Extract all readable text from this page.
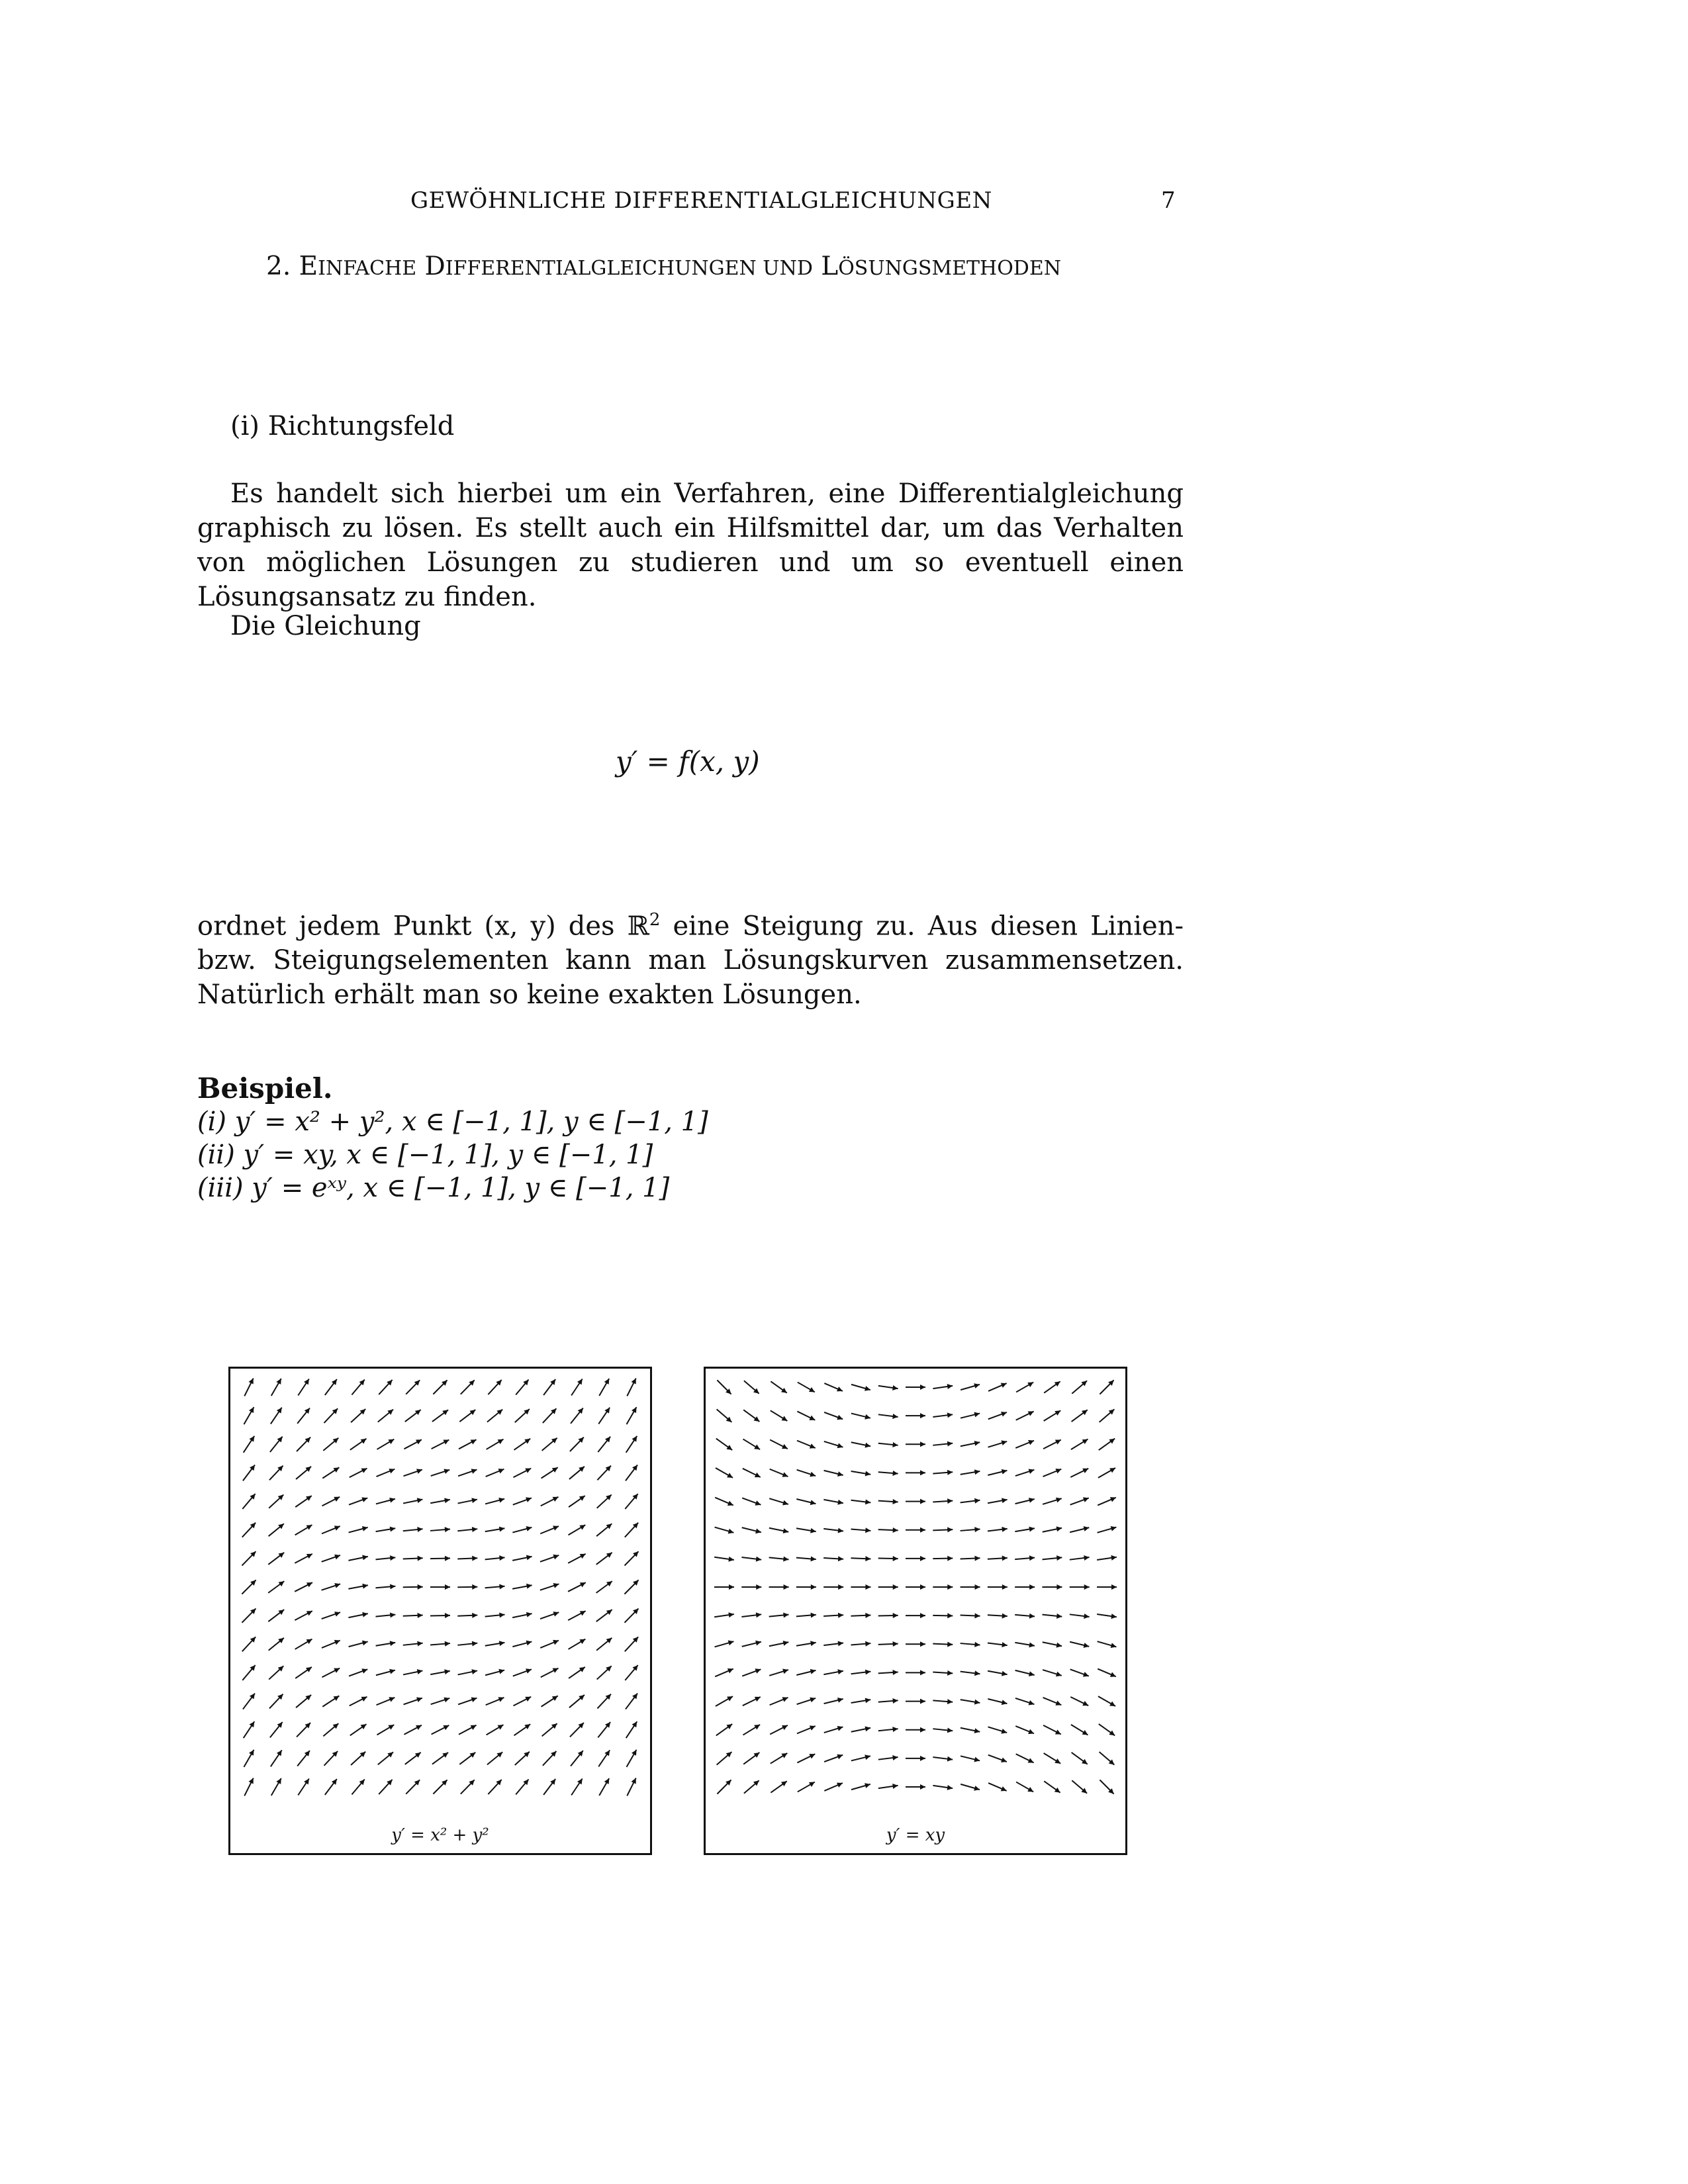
GEWÖHNLICHE DIFFERENTIALGLEICHUNGEN	7
2. EINFACHE DIFFERENTIALGLEICHUNGEN UND LÖSUNGSMETHODEN
(i) Richtungsfeld
Es handelt sich hierbei um ein Verfahren, eine Differentialgleichung graphisch zu lösen. Es stellt auch ein Hilfsmittel dar, um das Verhalten von möglichen Lösungen zu studieren und um so eventuell einen Lösungsansatz zu finden.
Die Gleichung
y′ = f(x, y)
ordnet jedem Punkt (x, y) des ℝ$^2$ eine Steigung zu. Aus diesen Linien- bzw. Steigungselementen kann man Lösungskurven zusammensetzen. Natürlich erhält man so keine exakten Lösungen.
Beispiel.
(i) y′ = x² + y², x ∈ [−1, 1], y ∈ [−1, 1]
(ii) y′ = xy, x ∈ [−1, 1], y ∈ [−1, 1]
(iii) y′ = eˣʸ, x ∈ [−1, 1], y ∈ [−1, 1]
y′ = x² + y²	y′ = xy
